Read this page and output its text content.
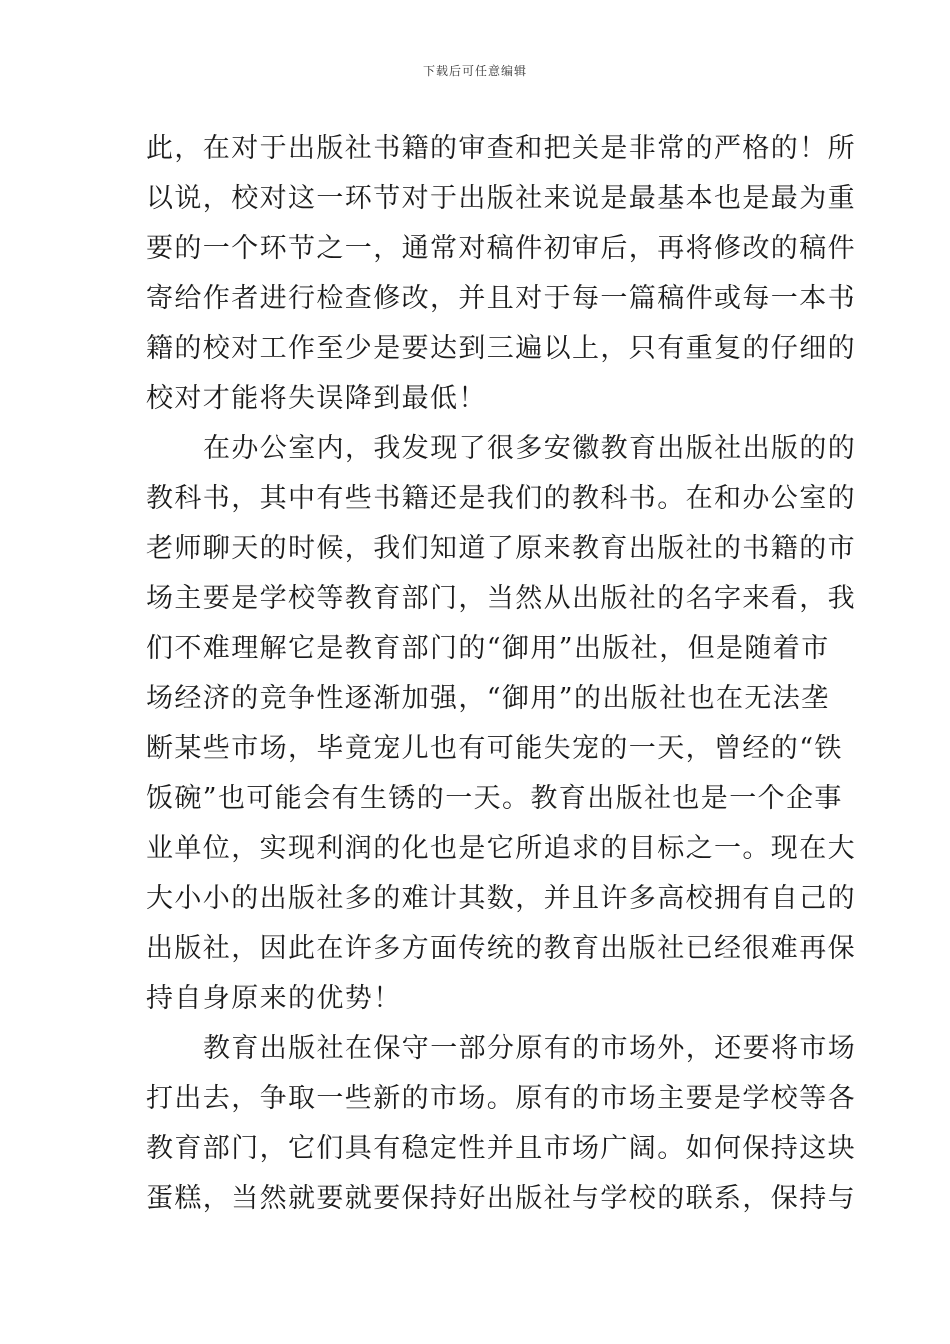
下载后可任意编辑
此，在对于出版社书籍的审查和把关是非常的严格的！所
以说，校对这一环节对于出版社来说是最基本也是最为重
要的一个环节之一，通常对稿件初审后，再将修改的稿件
寄给作者进行检查修改，并且对于每一篇稿件或每一本书
籍的校对工作至少是要达到三遍以上，只有重复的仔细的
校对才能将失误降到最低！
在办公室内，我发现了很多安徽教育出版社出版的的
教科书，其中有些书籍还是我们的教科书。在和办公室的
老师聊天的时候，我们知道了原来教育出版社的书籍的市
场主要是学校等教育部门，当然从出版社的名字来看，我
们不难理解它是教育部门的“御用”出版社，但是随着市
场经济的竞争性逐渐加强，“御用”的出版社也在无法垄
断某些市场，毕竟宠儿也有可能失宠的一天，曾经的“铁
饭碗”也可能会有生锈的一天。教育出版社也是一个企事
业单位，实现利润的化也是它所追求的目标之一。现在大
大小小的出版社多的难计其数，并且许多高校拥有自己的
出版社，因此在许多方面传统的教育出版社已经很难再保
持自身原来的优势！
教育出版社在保守一部分原有的市场外，还要将市场
打出去，争取一些新的市场。原有的市场主要是学校等各
教育部门，它们具有稳定性并且市场广阔。如何保持这块
蛋糕，当然就要就要保持好出版社与学校的联系，保持与
